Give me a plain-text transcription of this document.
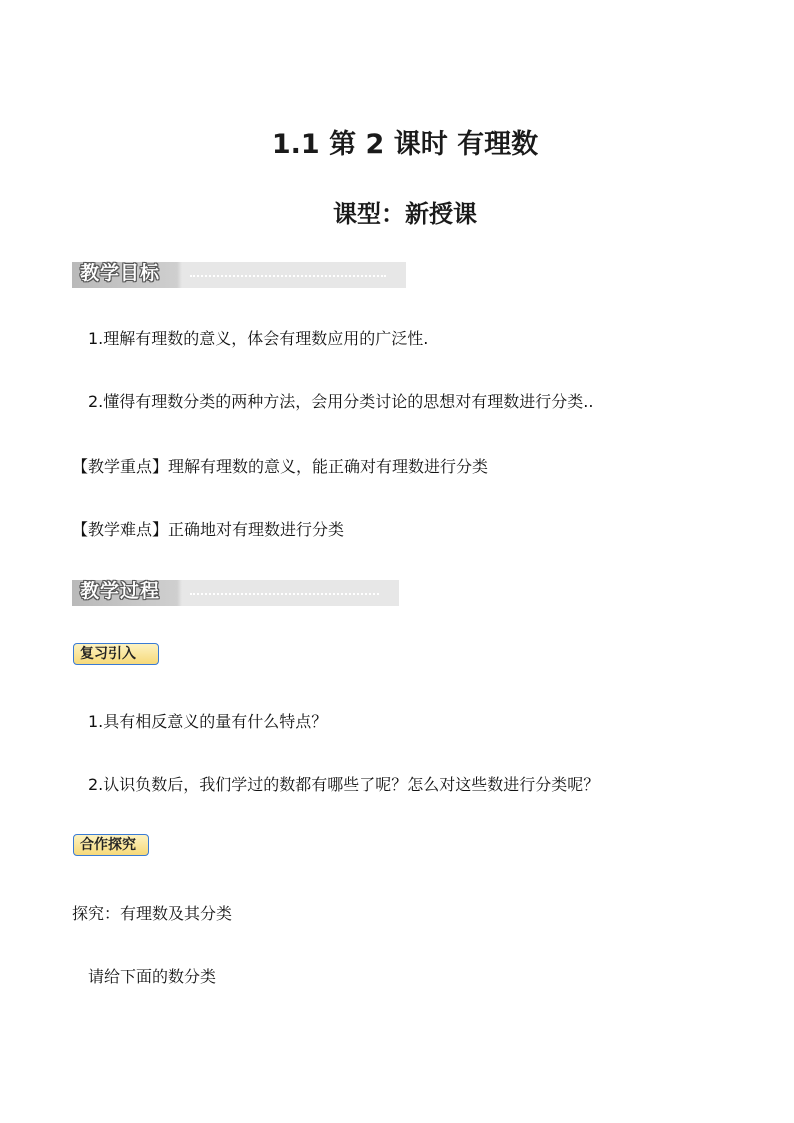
1.1 第 2 课时 有理数
课型：新授课
教学目标
1.理解有理数的意义，体会有理数应用的广泛性.
2.懂得有理数分类的两种方法，会用分类讨论的思想对有理数进行分类..
【教学重点】理解有理数的意义，能正确对有理数进行分类
【教学难点】正确地对有理数进行分类
教学过程
复习引入
1.具有相反意义的量有什么特点？
2.认识负数后，我们学过的数都有哪些了呢？怎么对这些数进行分类呢？
合作探究
探究：有理数及其分类
请给下面的数分类
